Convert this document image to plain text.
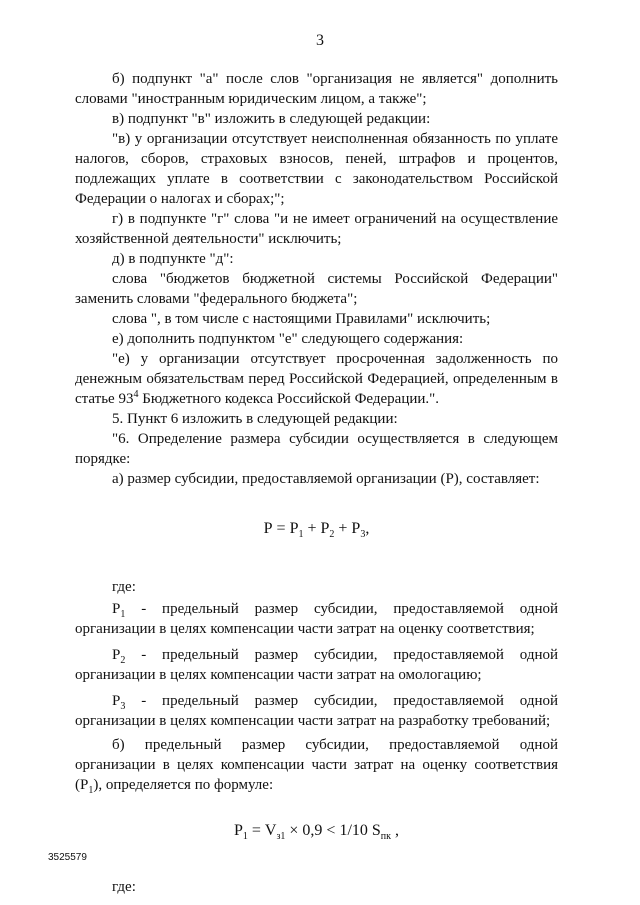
3

б) подпункт "а" после слов "организация не является" дополнить словами "иностранным юридическим лицом, а также";

в) подпункт "в" изложить в следующей редакции:

"в) у организации отсутствует неисполненная обязанность по уплате налогов, сборов, страховых взносов, пеней, штрафов и процентов, подлежащих уплате в соответствии с законодательством Российской Федерации о налогах и сборах;";

г) в подпункте "г" слова "и не имеет ограничений на осуществление хозяйственной деятельности" исключить;

д) в подпункте "д":

слова "бюджетов бюджетной системы Российской Федерации" заменить словами "федерального бюджета";

слова ", в том числе с настоящими Правилами" исключить;

е) дополнить подпунктом "е" следующего содержания:

"е) у организации отсутствует просроченная задолженность по денежным обязательствам перед Российской Федерацией, определенным в статье $93^4$ Бюджетного кодекса Российской Федерации.".

5. Пункт 6 изложить в следующей редакции:

"6. Определение размера субсидии осуществляется в следующем порядке:

а) размер субсидии, предоставляемой организации (Р), составляет:

$Р = Р_1 + Р_2 + Р_3$,

где:

$Р_1$ - предельный размер субсидии, предоставляемой одной организации в целях компенсации части затрат на оценку соответствия;

$Р_2$ - предельный размер субсидии, предоставляемой одной организации в целях компенсации части затрат на омологацию;

$Р_3$ - предельный размер субсидии, предоставляемой одной организации в целях компенсации части затрат на разработку требований;

б) предельный размер субсидии, предоставляемой одной организации в целях компенсации части затрат на оценку соответствия $(Р_1)$, определяется по формуле:

$Р_1 = V_{з1} \times 0,9 < 1/10$ $S_{пк}$ ,

где:

3525579
